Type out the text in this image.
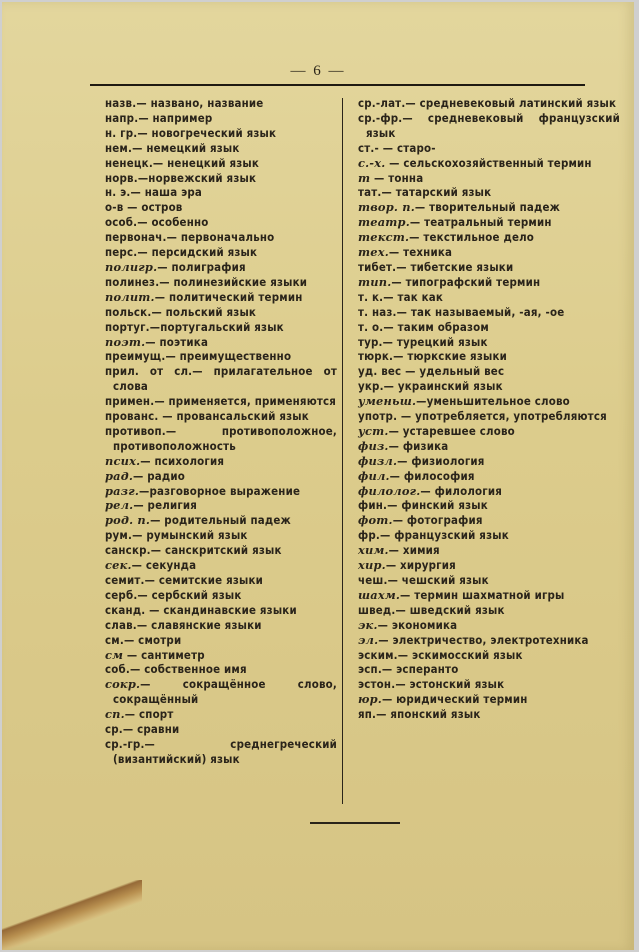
— 6 —
назв.— названо, название
напр.— например
н. гр.— новогреческий язык
нем.— немецкий язык
ненецк.— ненецкий язык
норв.—норвежский язык
н. э.— наша эра
о-в — остров
особ.— особенно
первонач.— первоначально
перс.— персидский язык
полигр.— полиграфия
полинез.— полинезийские языки
полит.— политический термин
польск.— польский язык
португ.—португальский язык
поэт.— поэтика
преимущ.— преимущественно
прил. от сл.— прилагательное от слова
примен.— применяется, применяются
прованс. — провансальский язык
противоп.— противоположное, противоположность
псих.— психология
рад.— радио
разг.—разговорное выражение
рел.— религия
род. п.— родительный падеж
рум.— румынский язык
санскр.— санскритский язык
сек.— секунда
семит.— семитские языки
серб.— сербский язык
сканд. — скандинавские языки
слав.— славянские языки
см.— смотри
см — сантиметр
соб.— собственное имя
сокр.— сокращённое слово, сокращённый
сп.— спорт
ср.— сравни
ср.-гр.— среднегреческий (византийский) язык
ср.-лат.— средневековый латинский язык
ср.-фр.— средневековый французский язык
ст.- — старо-
с.-х. — сельскохозяйственный термин
т — тонна
тат.— татарский язык
твор. п.— творительный падеж
театр.— театральный термин
текст.— текстильное дело
тех.— техника
тибет.— тибетские языки
тип.— типографский термин
т. к.— так как
т. наз.— так называемый, -ая, -ое
т. о.— таким образом
тур.— турецкий язык
тюрк.— тюркские языки
уд. вес — удельный вес
укр.— украинский язык
уменьш.—уменьшительное слово
употр. — употребляется, употребляются
уст.— устаревшее слово
физ.— физика
физл.— физиология
фил.— философия
филолог.— филология
фин.— финский язык
фот.— фотография
фр.— французский язык
хим.— химия
хир.— хирургия
чеш.— чешский язык
шахм.— термин шахматной игры
швед.— шведский язык
эк.— экономика
эл.— электричество, электротехника
эским.— эскимосский язык
эсп.— эсперанто
эстон.— эстонский язык
юр.— юридический термин
яп.— японский язык
